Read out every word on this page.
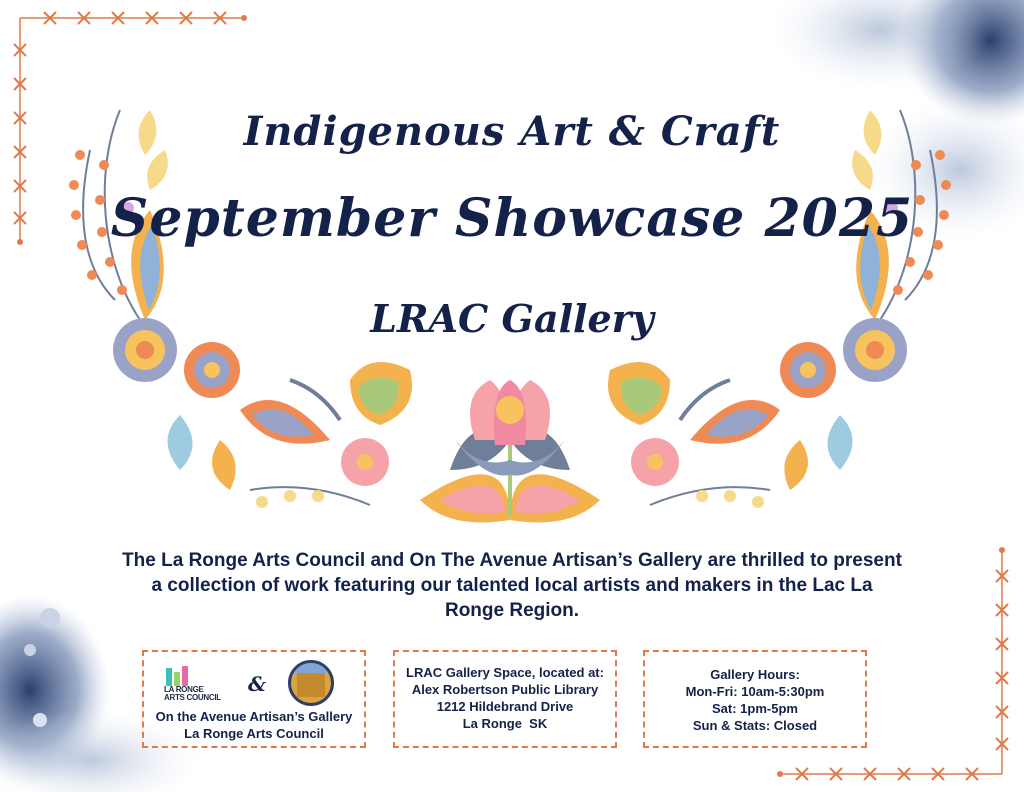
Indigenous Art & Craft
September Showcase 2025
LRAC Gallery

The La Ronge Arts Council and On The Avenue Artisan’s Gallery are thrilled to present a collection of work featuring our talented local artists and makers in the Lac La Ronge Region.

LA RONGE
ARTS COUNCIL
&
On the Avenue Artisan’s Gallery
La Ronge Arts Council
LRAC Gallery Space, located at:
Alex Robertson Public Library
1212 Hildebrand Drive
La Ronge  SK
Gallery Hours:
Mon-Fri: 10am-5:30pm
Sat: 1pm-5pm
Sun & Stats: Closed
